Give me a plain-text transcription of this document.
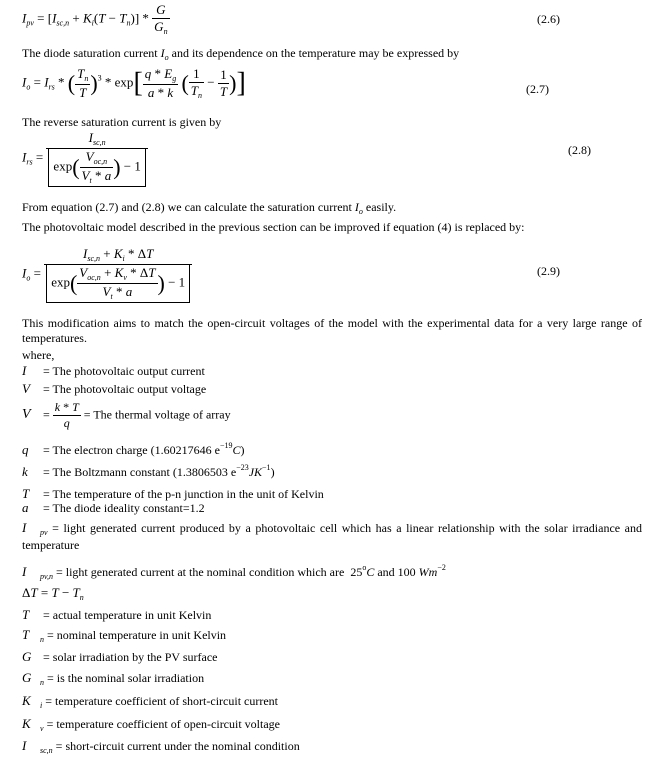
$I_{pv} = [I_{sc,n} + K_i(T - T_n)] * \frac{G}{G_n}$	(2.6)
The diode saturation current $I_o$ and its dependence on the temperature may be expressed by
$I_o = I_{rs}$ * ( $\frac{T_n}{T} )^3 * \exp[ \frac{q * E_g}{a * k}$ ( $\frac{1}{T_n} - \frac{1}{T}$ )]	(2.7)
The reverse saturation current is given by
$I_{rs} = \frac{I_{sc,n}}{\exp( \frac{V_{oc,n}}{V_t * a} ) - 1}$	(2.8)
From equation (2.7) and (2.8) we can calculate the saturation current $I_o$ easily.
The photovoltaic model described in the previous section can be improved if equation (4) is replaced by:
$I_o = \frac{I_{sc,n} + K_i * \Delta T}{\exp( \frac{V_{oc,n} + K_v * \Delta T}{V_t * a} ) - 1}$	(2.9)
This modification aims to match the open-circuit voltages of the model with the experimental data for a very large range of temperatures.
where,
I = The photovoltaic output current
V = The photovoltaic output voltage
$V = \frac{k * T}{q}$ = The thermal voltage of array
q = The electron charge (1.60217646 $e^{-19}C$)
k = The Boltzmann constant (1.3806503 $e^{-23}JK^{-1}$)
T = The temperature of the p-n junction in the unit of Kelvin
a = The diode ideality constant=1.2
I $_{pv}$ = light generated current produced by a photovoltaic cell which has a linear relationship with the solar irradiance and temperature
I $_{pv,n}$ = light generated current at the nominal condition which are 25$^o$C and 100 $Wm^{-2}$
$\Delta T = T - T_n$
T = actual temperature in unit Kelvin
T $_n$ = nominal temperature in unit Kelvin
G = solar irradiation by the PV surface
G $_n$ = is the nominal solar irradiation
K $_i$ = temperature coefficient of short-circuit current
K $_v$ = temperature coefficient of open-circuit voltage
I $_{sc,n}$ = short-circuit current under the nominal condition
